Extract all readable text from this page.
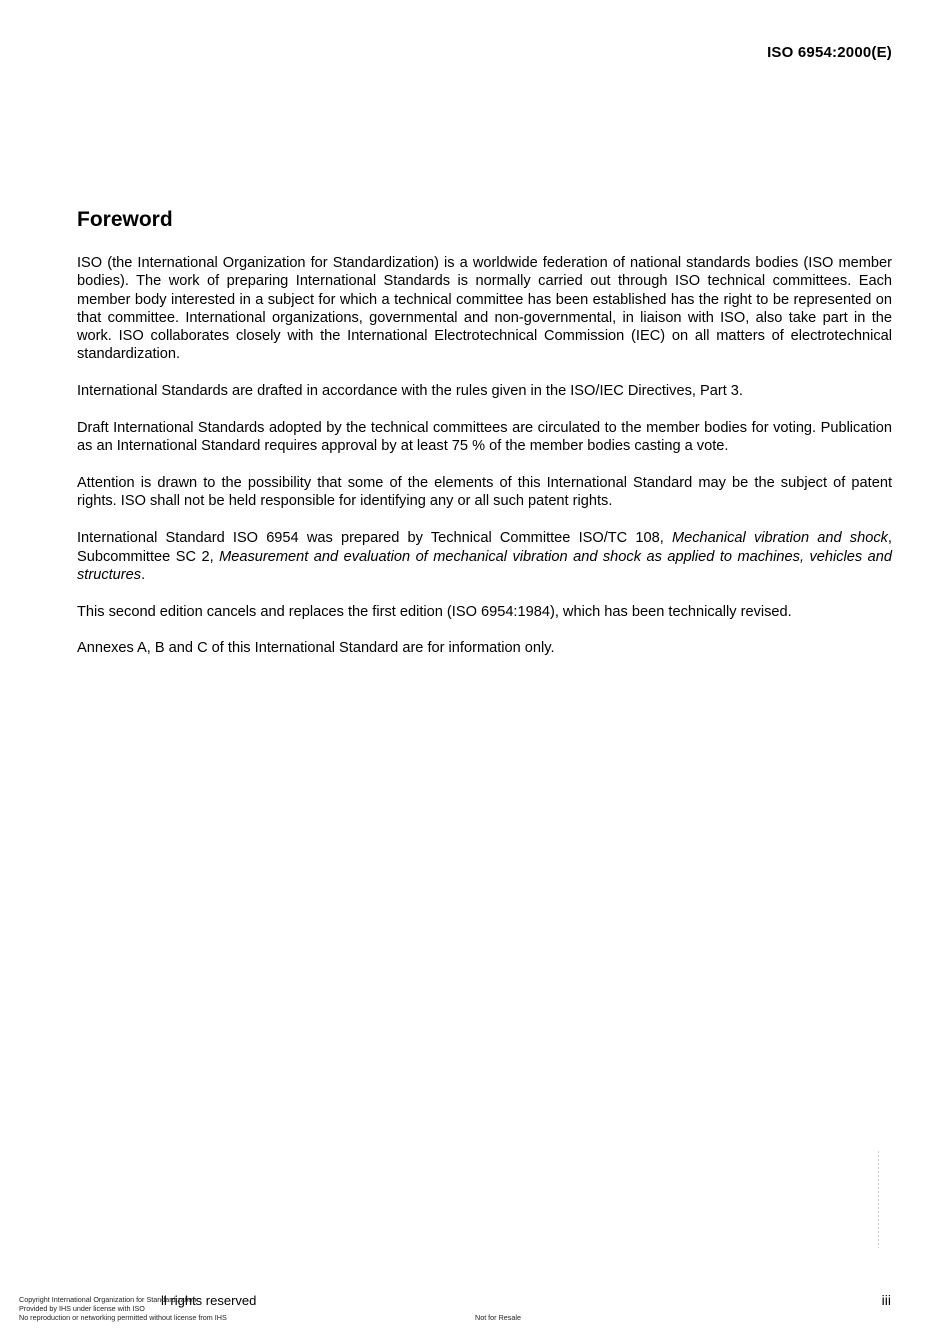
ISO 6954:2000(E)
Foreword

ISO (the International Organization for Standardization) is a worldwide federation of national standards bodies (ISO member bodies). The work of preparing International Standards is normally carried out through ISO technical committees. Each member body interested in a subject for which a technical committee has been established has the right to be represented on that committee. International organizations, governmental and non-governmental, in liaison with ISO, also take part in the work. ISO collaborates closely with the International Electrotechnical Commission (IEC) on all matters of electrotechnical standardization.

International Standards are drafted in accordance with the rules given in the ISO/IEC Directives, Part 3.

Draft International Standards adopted by the technical committees are circulated to the member bodies for voting. Publication as an International Standard requires approval by at least 75 % of the member bodies casting a vote.

Attention is drawn to the possibility that some of the elements of this International Standard may be the subject of patent rights. ISO shall not be held responsible for identifying any or all such patent rights.

International Standard ISO 6954 was prepared by Technical Committee ISO/TC 108, Mechanical vibration and shock, Subcommittee SC 2, Measurement and evaluation of mechanical vibration and shock as applied to machines, vehicles and structures.

This second edition cancels and replaces the first edition (ISO 6954:1984), which has been technically revised.

Annexes A, B and C of this International Standard are for information only.

ll rights reserved
Copyright International Organization for Standardization
Provided by IHS under license with ISO
No reproduction or networking permitted without license from IHS	Not for Resale
iii
